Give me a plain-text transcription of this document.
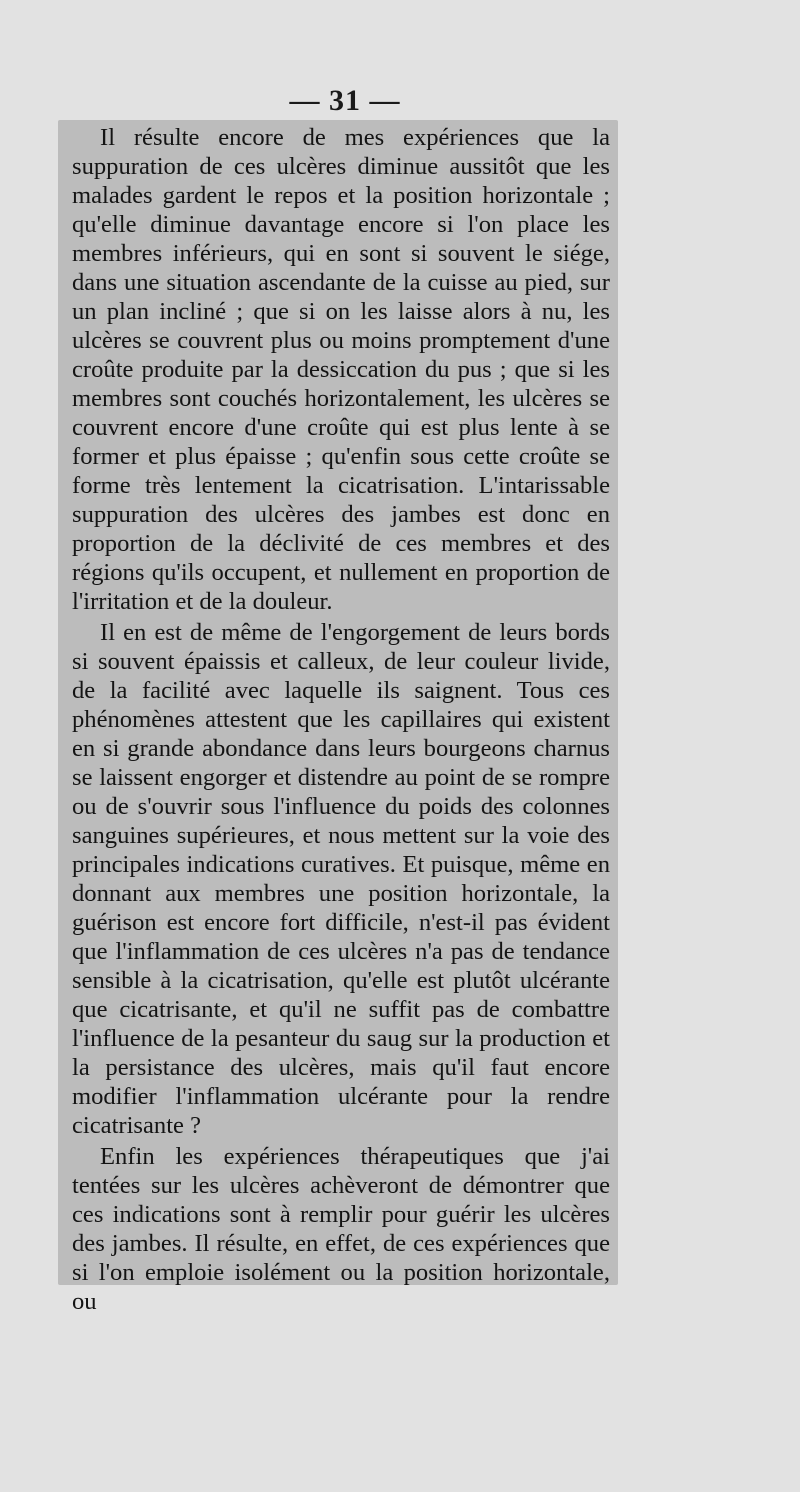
— 31 —

Il résulte encore de mes expériences que la suppuration de ces ulcères diminue aussitôt que les malades gardent le repos et la position horizontale ; qu'elle diminue davantage encore si l'on place les membres inférieurs, qui en sont si souvent le siége, dans une situation ascendante de la cuisse au pied, sur un plan incliné ; que si on les laisse alors à nu, les ulcères se couvrent plus ou moins promptement d'une croûte produite par la dessiccation du pus ; que si les membres sont couchés horizontalement, les ulcères se couvrent encore d'une croûte qui est plus lente à se former et plus épaisse ; qu'enfin sous cette croûte se forme très lentement la cicatrisation. L'intarissable suppuration des ulcères des jambes est donc en proportion de la déclivité de ces membres et des régions qu'ils occupent, et nullement en proportion de l'irritation et de la douleur.

Il en est de même de l'engorgement de leurs bords si souvent épaissis et calleux, de leur couleur livide, de la facilité avec laquelle ils saignent. Tous ces phénomènes attestent que les capillaires qui existent en si grande abondance dans leurs bourgeons charnus se laissent engorger et distendre au point de se rompre ou de s'ouvrir sous l'influence du poids des colonnes sanguines supérieures, et nous mettent sur la voie des principales indications curatives. Et puisque, même en donnant aux membres une position horizontale, la guérison est encore fort difficile, n'est-il pas évident que l'inflammation de ces ulcères n'a pas de tendance sensible à la cicatrisation, qu'elle est plutôt ulcérante que cicatrisante, et qu'il ne suffit pas de combattre l'influence de la pesanteur du saug sur la production et la persistance des ulcères, mais qu'il faut encore modifier l'inflammation ulcérante pour la rendre cicatrisante ?

Enfin les expériences thérapeutiques que j'ai tentées sur les ulcères achèveront de démontrer que ces indications sont à remplir pour guérir les ulcères des jambes. Il résulte, en effet, de ces expériences que si l'on emploie isolément ou la position horizontale, ou
